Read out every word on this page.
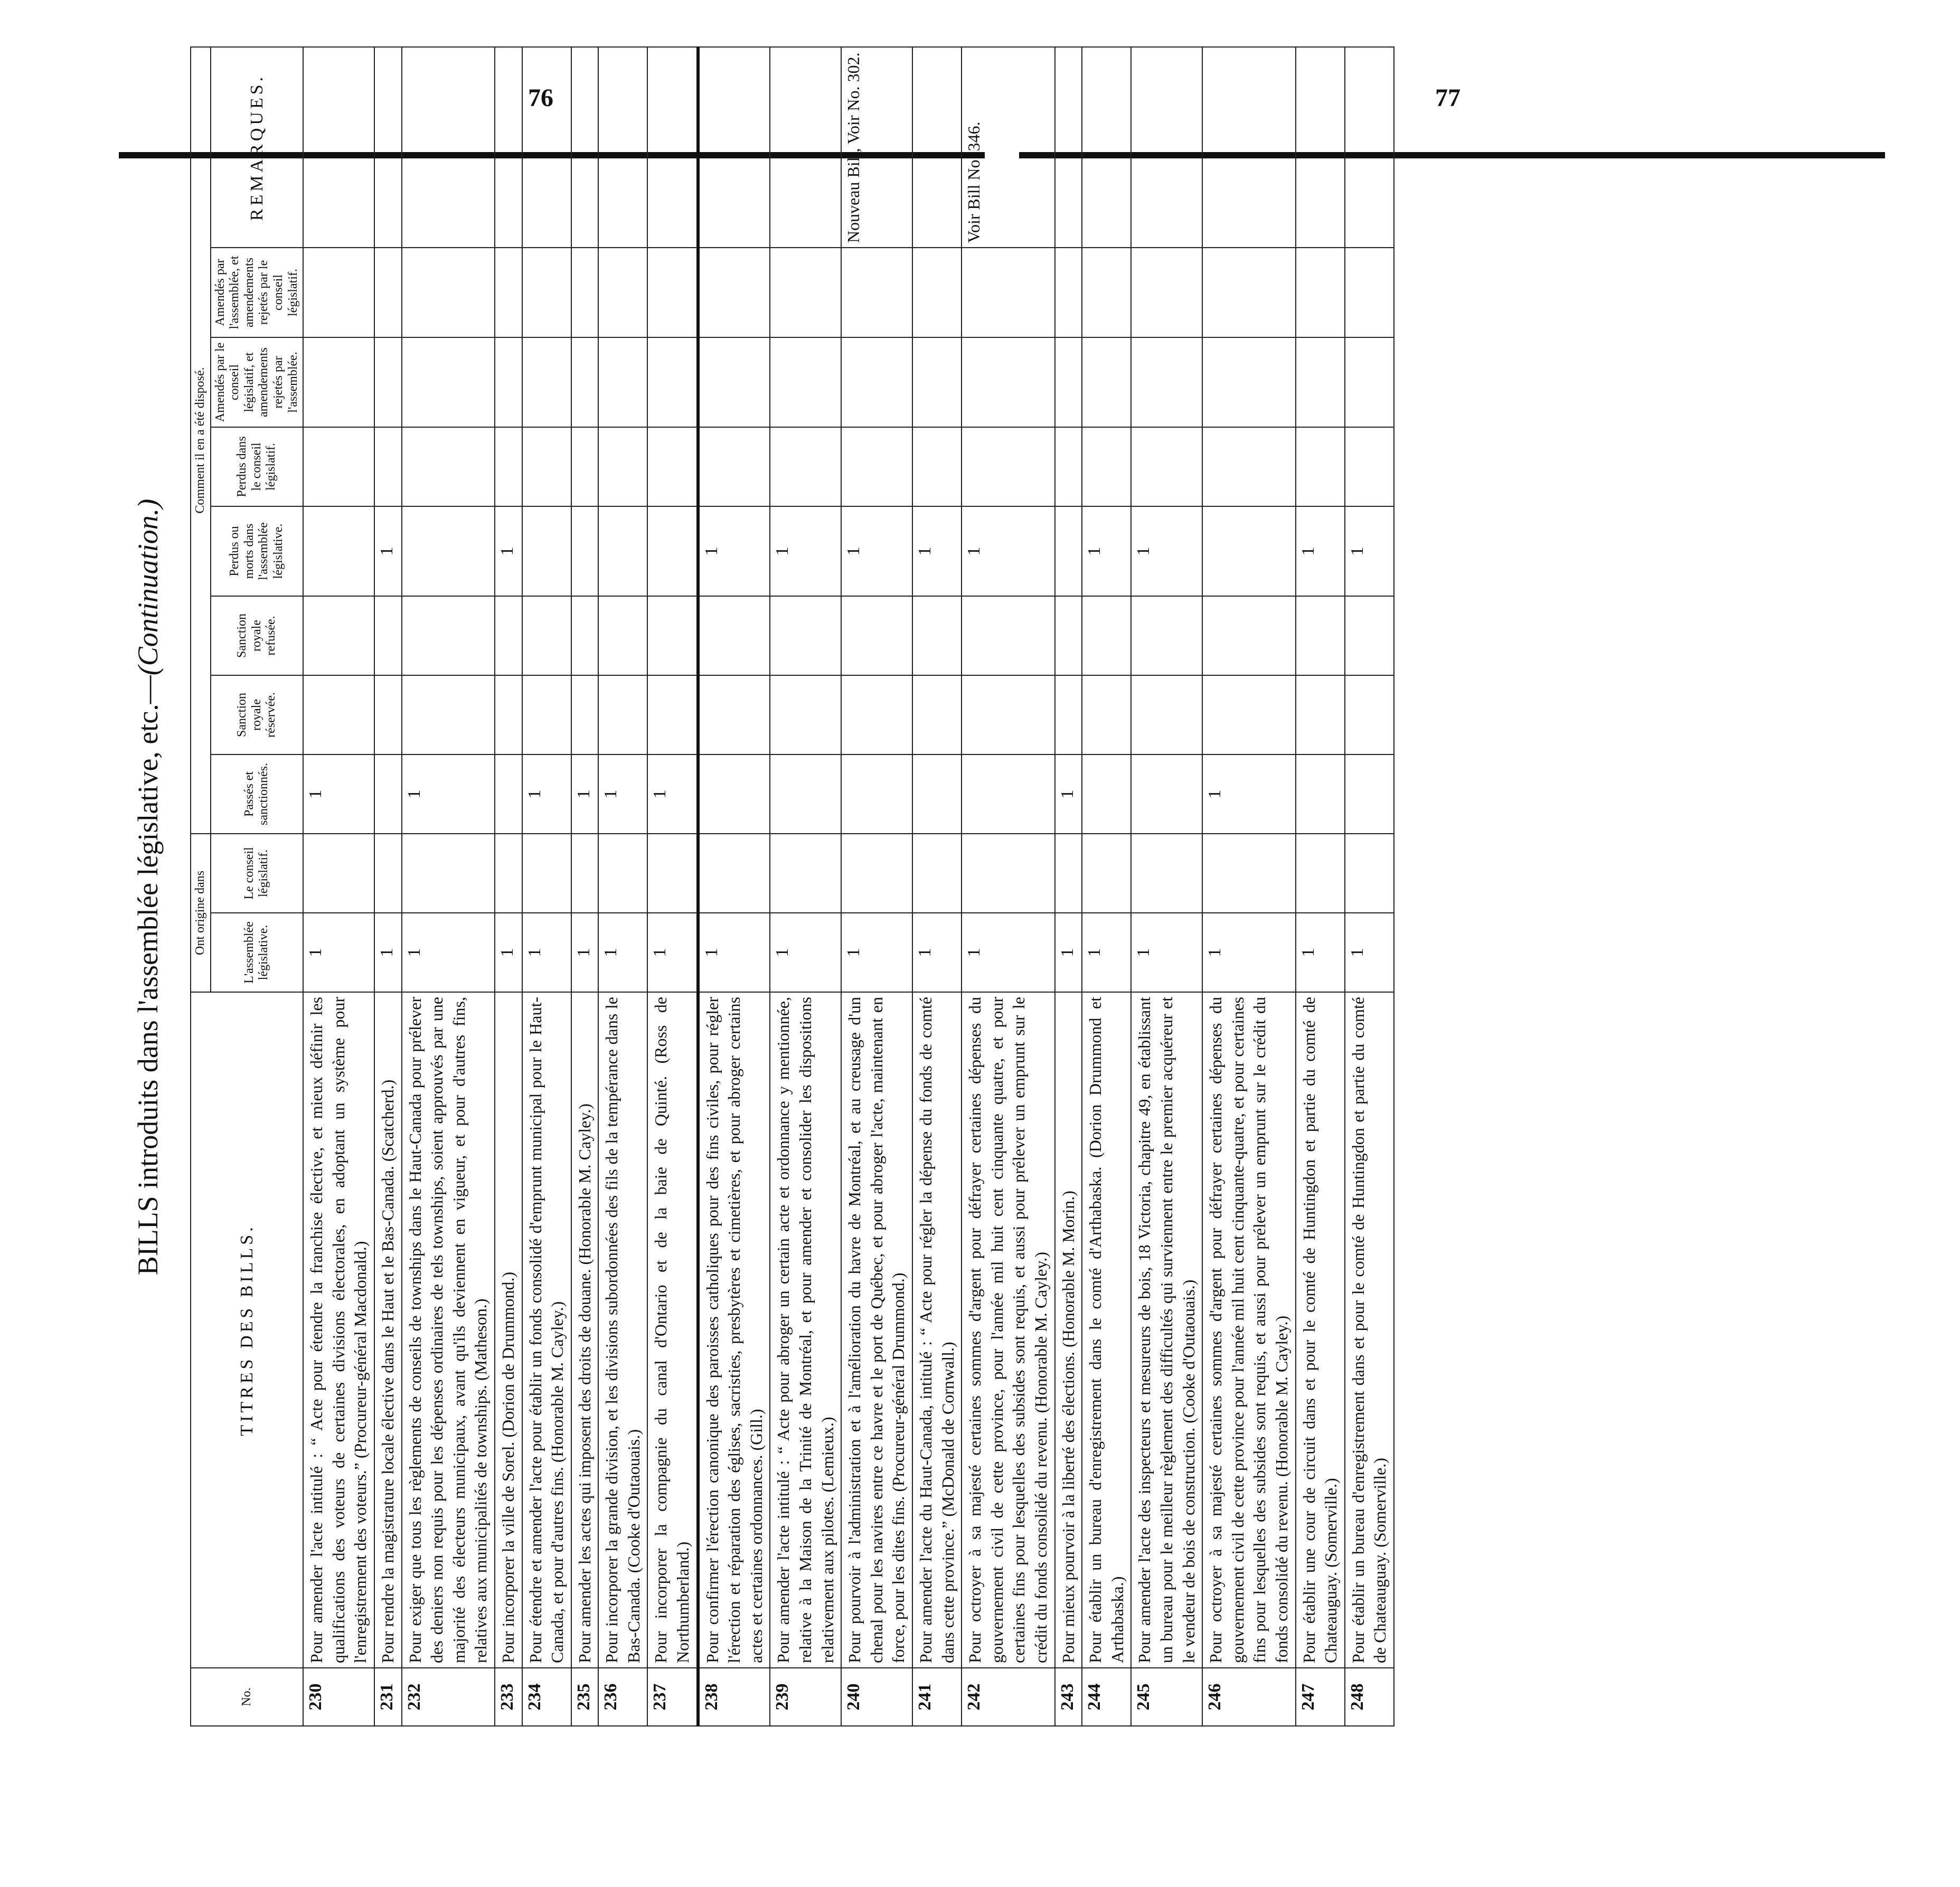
76	77
BILLS introduits dans l'assemblée législative, etc.—(Continuation.)
No.	TITRES DES BILLS.	Ont origine dans		Comment il en a été disposé.							
		L'assemblée législative.	Le conseil législatif.	Passés et sanctionnés.	Sanction royale réservée.	Sanction royale refusée.	Perdus ou morts dans l'assemblée législative.	Perdus dans le conseil législatif.	Amendés par le conseil législatif, et amendements rejetés par l'assemblée.	Amendés par l'assemblée, et amendements rejetés par le conseil législatif.	REMARQUES.
230	Pour amender l'acte intitulé : “ Acte pour étendre la franchise élective, et mieux définir les qualifications des voteurs de certaines divisions électorales, en adoptant un système pour l'enregistrement des voteurs.” (Procureur-général Macdonald.)	1		1							
231	Pour rendre la magistrature locale élective dans le Haut et le Bas-Canada. (Scatcherd.)	1					1				
232	Pour exiger que tous les règlements de conseils de townships dans le Haut-Canada pour prélever des deniers non requis pour les dépenses ordinaires de tels townships, soient approuvés par une majorité des électeurs municipaux, avant qu'ils deviennent en vigueur, et pour d'autres fins, relatives aux municipalités de townships. (Matheson.)	1		1							
233	Pour incorporer la ville de Sorel. (Dorion de Drummond.)	1					1				
234	Pour étendre et amender l'acte pour établir un fonds consolidé d'emprunt municipal pour le Haut-Canada, et pour d'autres fins. (Honorable M. Cayley.)	1		1							
235	Pour amender les actes qui imposent des droits de douane. (Honorable M. Cayley.)	1		1							
236	Pour incorporer la grande division, et les divisions subordonnées des fils de la tempérance dans le Bas-Canada. (Cooke d'Outaouais.)	1		1							
237	Pour incorporer la compagnie du canal d'Ontario et de la baie de Quinté. (Ross de Northumberland.)	1		1							
238	Pour confirmer l'érection canonique des paroisses catholiques pour des fins civiles, pour régler l'érection et réparation des églises, sacristies, presbytères et cimetières, et pour abroger certains actes et certaines ordonnances. (Gill.)	1					1				
239	Pour amender l'acte intitulé : “ Acte pour abroger un certain acte et ordonnance y mentionnée, relative à la Maison de la Trinité de Montréal, et pour amender et consolider les dispositions relativement aux pilotes. (Lemieux.)	1					1				
240	Pour pourvoir à l'administration et à l'amélioration du havre de Montréal, et au creusage d'un chenal pour les navires entre ce havre et le port de Québec, et pour abroger l'acte, maintenant en force, pour les dites fins. (Procureur-général Drummond.)	1					1				Nouveau Bill, Voir No. 302.
241	Pour amender l'acte du Haut-Canada, intitulé : “ Acte pour régler la dépense du fonds de comté dans cette province.” (McDonald de Cornwall.)	1					1				
242	Pour octroyer à sa majesté certaines sommes d'argent pour défrayer certaines dépenses du gouvernement civil de cette province, pour l'année mil huit cent cinquante quatre, et pour certaines fins pour lesquelles des subsides sont requis, et aussi pour prélever un emprunt sur le crédit du fonds consolidé du revenu. (Honorable M. Cayley.)	1					1				Voir Bill No. 346.
243	Pour mieux pourvoir à la liberté des élections. (Honorable M. Morin.)	1		1							
244	Pour établir un bureau d'enregistrement dans le comté d'Arthabaska. (Dorion Drummond et Arthabaska.)	1					1				
245	Pour amender l'acte des inspecteurs et mesureurs de bois, 18 Victoria, chapitre 49, en établissant un bureau pour le meilleur règlement des difficultés qui surviennent entre le premier acquéreur et le vendeur de bois de construction. (Cooke d'Outaouais.)	1					1				
246	Pour octroyer à sa majesté certaines sommes d'argent pour défrayer certaines dépenses du gouvernement civil de cette province pour l'année mil huit cent cinquante-quatre, et pour certaines fins pour lesquelles des subsides sont requis, et aussi pour prélever un emprunt sur le crédit du fonds consolidé du revenu. (Honorable M. Cayley.)	1		1							
247	Pour établir une cour de circuit dans et pour le comté de Huntingdon et partie du comté de Chateauguay. (Somerville.)	1					1				
248	Pour établir un bureau d'enregistrement dans et pour le comté de Huntingdon et partie du comté de Chateauguay. (Somerville.)	1					1				
